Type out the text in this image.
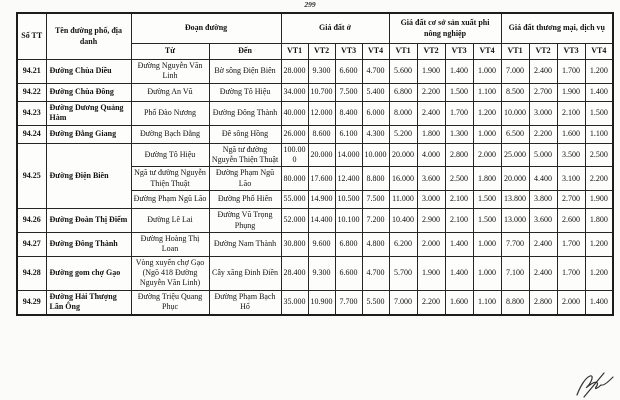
299
Số TT	Tên đường phố, địa danh	Đoạn đường		Giá đất ở				Giá đất cơ sở sản xuất phi nông nghiệp				Giá đất thương mại, dịch vụ			
		Từ	Đến	VT1	VT2	VT3	VT4	VT1	VT2	VT3	VT4	VT1	VT2	VT3	VT4
94.21	Đường Chùa Diều	Đường Nguyễn Văn Linh	Bờ sông Điện Biên	28.000	9.300	6.600	4.700	5.600	1.900	1.400	1.000	7.000	2.400	1.700	1.200
94.22	Đường Chùa Đông	Đường An Vũ	Đường Tô Hiệu	34.000	10.700	7.500	5.400	6.800	2.200	1.500	1.100	8.500	2.700	1.900	1.400
94.23	Đường Dương Quảng Hàm	Phố Đào Nương	Đường Đông Thành	40.000	12.000	8.400	6.000	8.000	2.400	1.700	1.200	10.000	3.000	2.100	1.500
94.24	Đường Đằng Giang	Đường Bạch Đằng	Đê sông Hồng	26.000	8.600	6.100	4.300	5.200	1.800	1.300	1.000	6.500	2.200	1.600	1.100
94.25	Đường Điện Biên	Đường Tô Hiệu	Ngã tư đường Nguyễn Thiện Thuật	100.000	20.000	14.000	10.000	20.000	4.000	2.800	2.000	25.000	5.000	3.500	2.500
		Ngã tư đường Nguyễn Thiện Thuật	Đường Phạm Ngũ Lão	80.000	17.600	12.400	8.800	16.000	3.600	2.500	1.800	20.000	4.400	3.100	2.200
		Đường Phạm Ngũ Lão	Đường Phố Hiến	55.000	14.900	10.500	7.500	11.000	3.000	2.100	1.500	13.800	3.800	2.700	1.900
94.26	Đường Đoàn Thị Điểm	Đường Lê Lai	Đường Vũ Trọng Phụng	52.000	14.400	10.100	7.200	10.400	2.900	2.100	1.500	13.000	3.600	2.600	1.800
94.27	Đường Đông Thành	Đường Hoàng Thị Loan	Đường Nam Thành	30.800	9.600	6.800	4.800	6.200	2.000	1.400	1.000	7.700	2.400	1.700	1.200
94.28	Đường gom chợ Gạo	Vòng xuyến chợ Gạo (Ngõ 418 Đường Nguyễn Văn Linh)	Cây xăng Đinh Điền	28.400	9.300	6.600	4.700	5.700	1.900	1.400	1.000	7.100	2.400	1.700	1.200
94.29	Đường Hải Thượng Lãn Ông	Đường Triệu Quang Phục	Đường Phạm Bạch Hổ	35.000	10.900	7.700	5.500	7.000	2.200	1.600	1.100	8.800	2.800	2.000	1.400
